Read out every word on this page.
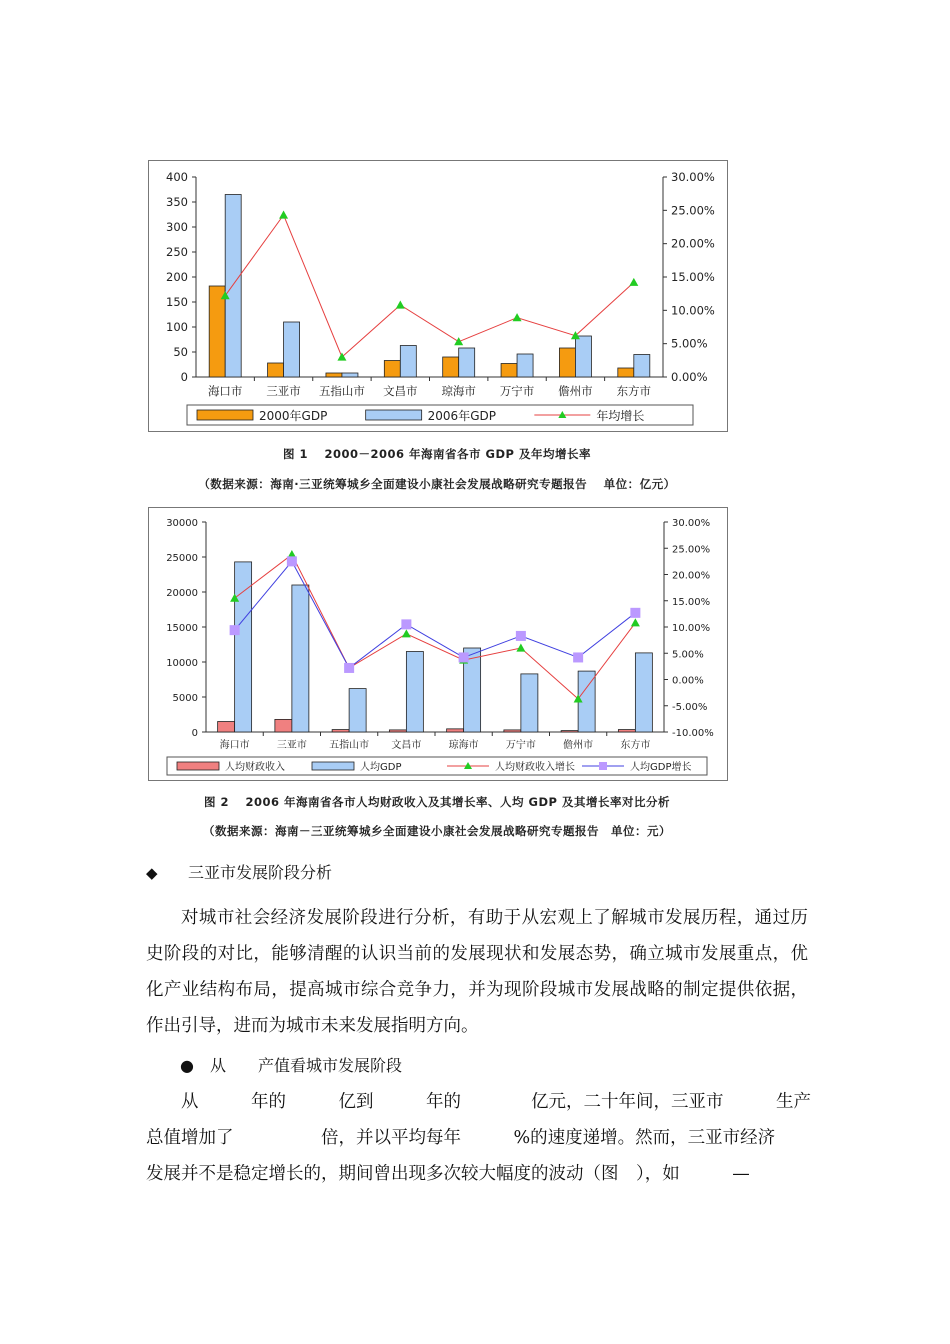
0
50
100
150
200
250
300
350
400
0.00%
5.00%
10.00%
15.00%
20.00%
25.00%
30.00%
海口市 三亚市 五指山市 文昌市 琼海市 万宁市 儋州市 东方市
2000年GDP	2006年GDP	年均增长
图 1　 2000－2006 年海南省各市 GDP 及年均增长率
（数据来源：海南·三亚统筹城乡全面建设小康社会发展战略研究专题报告　 单位：亿元）
0
5000
10000
15000
20000
25000
30000
-10.00%
-5.00%
0.00%
5.00%
10.00%
15.00%
20.00%
25.00%
30.00%
海口市	三亚市 五指山市 文昌市	琼海市	万宁市	儋州市	东方市
人均财政收入	人均GDP	人均财政收入增长	人均GDP增长
图 2　 2006 年海南省各市人均财政收入及其增长率、人均 GDP 及其增长率对比分析
（数据来源：海南－三亚统筹城乡全面建设小康社会发展战略研究专题报告　单位：元）
◆ 三亚市发展阶段分析

对城市社会经济发展阶段进行分析，有助于从宏观上了解城市发展历程，通过历史阶段的对比，能够清醒的认识当前的发展现状和发展态势，确立城市发展重点，优化产业结构布局，提高城市综合竞争力，并为现阶段城市发展战略的制定提供依据，作出引导，进而为城市未来发展指明方向。

● 从　　产值看城市发展阶段
　　从　　　年的　　　亿到　　　年的　　　　亿元，二十年间，三亚市　　　生产
总值增加了　　　　　倍，并以平均每年　　　%的速度递增。然而，三亚市经济
发展并不是稳定增长的，期间曾出现多次较大幅度的波动（图　），如　　　—
